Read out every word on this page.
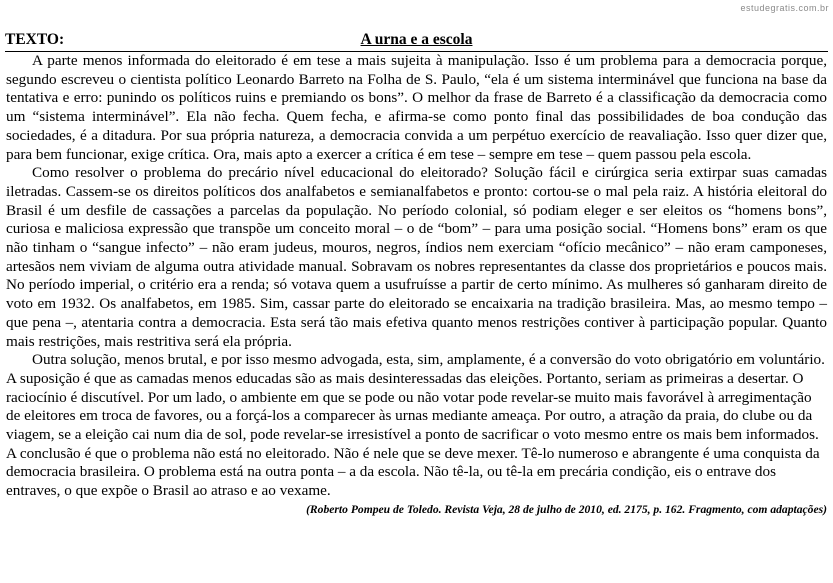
estudegratis.com.br
TEXTO:	A urna e a escola

A parte menos informada do eleitorado é em tese a mais sujeita à manipulação. Isso é um problema para a democracia porque, segundo escreveu o cientista político Leonardo Barreto na Folha de S. Paulo, “ela é um sistema interminável que funciona na base da tentativa e erro: punindo os políticos ruins e premiando os bons”. O melhor da frase de Barreto é a classificação da democracia como um “sistema interminável”. Ela não fecha. Quem fecha, e afirma-se como ponto final das possibilidades de boa condução das sociedades, é a ditadura. Por sua própria natureza, a democracia convida a um perpétuo exercício de reavaliação. Isso quer dizer que, para bem funcionar, exige crítica. Ora, mais apto a exercer a crítica é em tese – sempre em tese – quem passou pela escola.

Como resolver o problema do precário nível educacional do eleitorado? Solução fácil e cirúrgica seria extirpar suas camadas iletradas. Cassem-se os direitos políticos dos analfabetos e semianalfabetos e pronto: cortou-se o mal pela raiz. A história eleitoral do Brasil é um desfile de cassações a parcelas da população. No período colonial, só podiam eleger e ser eleitos os “homens bons”, curiosa e maliciosa expressão que transpõe um conceito moral – o de “bom” – para uma posição social. “Homens bons” eram os que não tinham o “sangue infecto” – não eram judeus, mouros, negros, índios nem exerciam “ofício mecânico” – não eram camponeses, artesãos nem viviam de alguma outra atividade manual. Sobravam os nobres representantes da classe dos proprietários e poucos mais. No período imperial, o critério era a renda; só votava quem a usufruísse a partir de certo mínimo. As mulheres só ganharam direito de voto em 1932. Os analfabetos, em 1985. Sim, cassar parte do eleitorado se encaixaria na tradição brasileira. Mas, ao mesmo tempo – que pena –, atentaria contra a democracia. Esta será tão mais efetiva quanto menos restrições contiver à participação popular. Quanto mais restrições, mais restritiva será ela própria.

Outra solução, menos brutal, e por isso mesmo advogada, esta, sim, amplamente, é a conversão do voto obrigatório em voluntário. A suposição é que as camadas menos educadas são as mais desinteressadas das eleições. Portanto, seriam as primeiras a desertar. O raciocínio é discutível. Por um lado, o ambiente em que se pode ou não votar pode revelar-se muito mais favorável à arregimentação de eleitores em troca de favores, ou a forçá-los a comparecer às urnas mediante ameaça. Por outro, a atração da praia, do clube ou da viagem, se a eleição cai num dia de sol, pode revelar-se irresistível a ponto de sacrificar o voto mesmo entre os mais bem informados. A conclusão é que o problema não está no eleitorado. Não é nele que se deve mexer. Tê-lo numeroso e abrangente é uma conquista da democracia brasileira. O problema está na outra ponta – a da escola. Não tê-la, ou tê-la em precária condição, eis o entrave dos entraves, o que expõe o Brasil ao atraso e ao vexame.
(Roberto Pompeu de Toledo. Revista Veja, 28 de julho de 2010, ed. 2175, p. 162. Fragmento, com adaptações)
